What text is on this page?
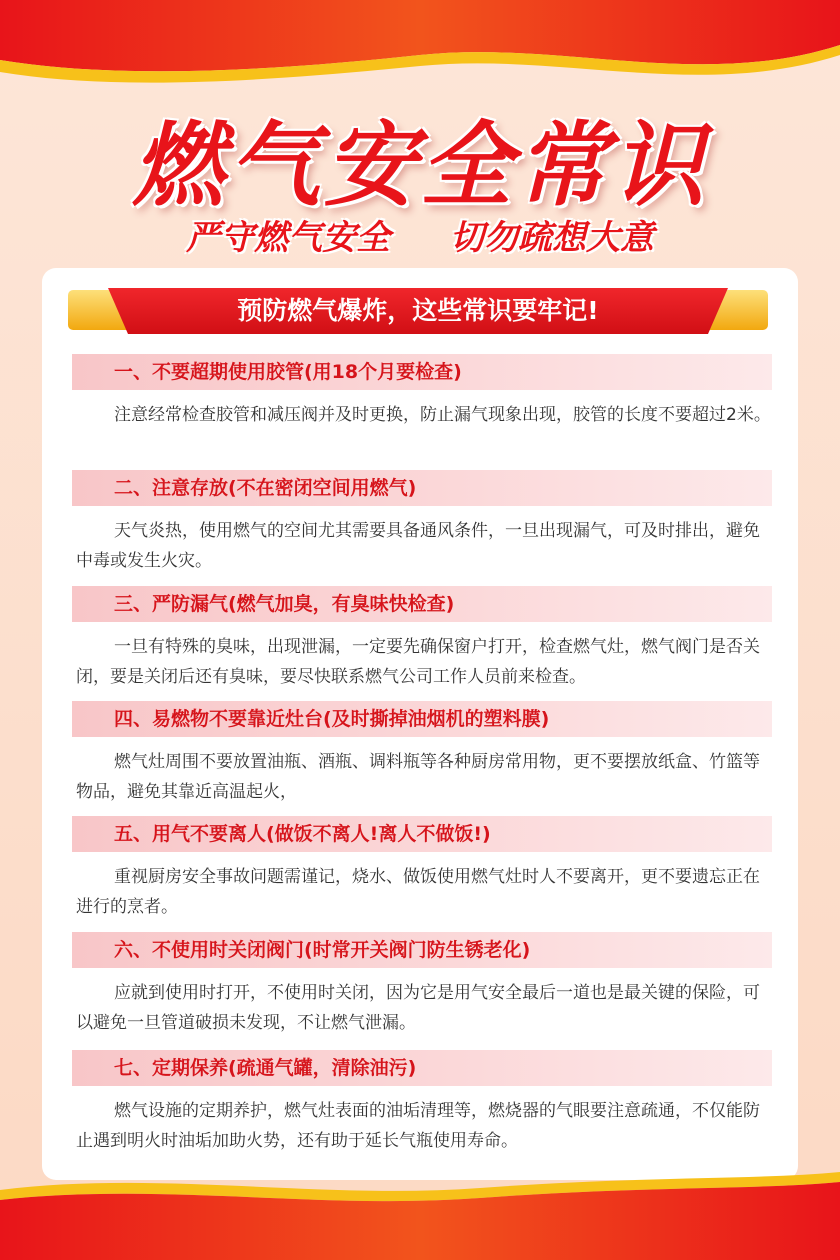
燃气安全常识
严守燃气安全 切勿疏想大意
预防燃气爆炸，这些常识要牢记!
一、不要超期使用胶管(用18个月要检查)
注意经常检查胶管和减压阀并及时更换，防止漏气现象出现，胶管的长度不要超过2米。
二、注意存放(不在密闭空间用燃气)
天气炎热，使用燃气的空间尤其需要具备通风条件，一旦出现漏气，可及时排出，避免中毒或发生火灾。
三、严防漏气(燃气加臭，有臭味快检查)
一旦有特殊的臭味，出现泄漏，一定要先确保窗户打开，检查燃气灶，燃气阀门是否关闭，要是关闭后还有臭味，要尽快联系燃气公司工作人员前来检查。
四、易燃物不要靠近灶台(及时撕掉油烟机的塑料膜)
燃气灶周围不要放置油瓶、酒瓶、调料瓶等各种厨房常用物，更不要摆放纸盒、竹篮等物品，避免其靠近高温起火，
五、用气不要离人(做饭不离人!离人不做饭!)
重视厨房安全事故问题需谨记，烧水、做饭使用燃气灶时人不要离开，更不要遗忘正在进行的烹者。
六、不使用时关闭阀门(时常开关阀门防生锈老化)
应就到使用时打开，不使用时关闭，因为它是用气安全最后一道也是最关键的保险，可以避免一旦管道破损未发现，不让燃气泄漏。
七、定期保养(疏通气罐，清除油污)
燃气设施的定期养护，燃气灶表面的油垢清理等，燃烧器的气眼要注意疏通，不仅能防止遇到明火时油垢加助火势，还有助于延长气瓶使用寿命。
